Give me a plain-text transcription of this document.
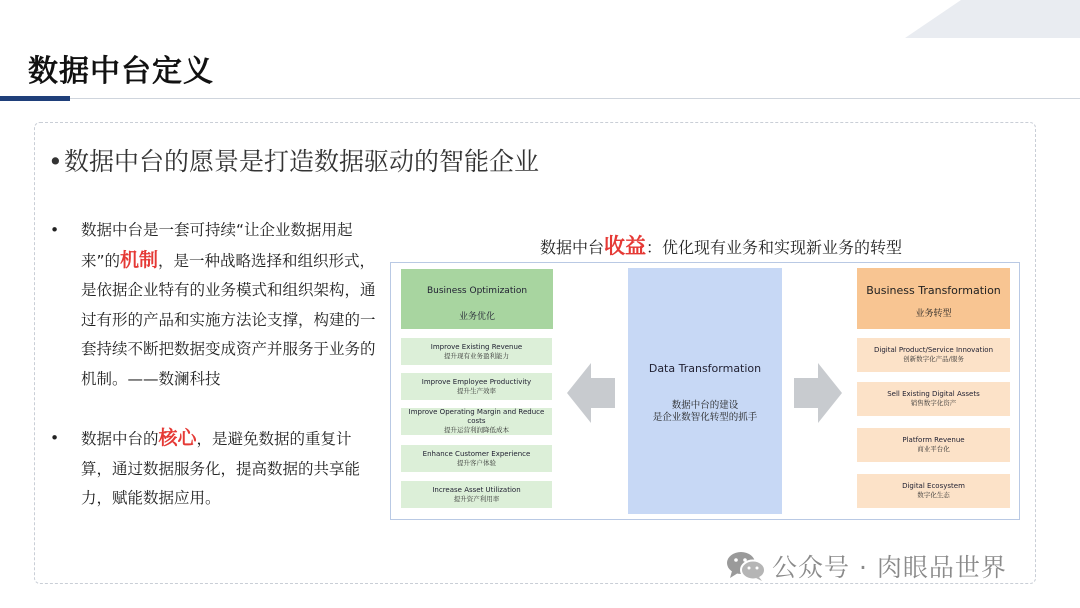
数据中台定义
•数据中台的愿景是打造数据驱动的智能企业
• 数据中台是一套可持续“让企业数据用起来”的机制，是一种战略选择和组织形式，是依据企业特有的业务模式和组织架构，通过有形的产品和实施方法论支撑，构建的一套持续不断把数据变成资产并服务于业务的机制。——数澜科技
• 数据中台的核心，是避免数据的重复计算，通过数据服务化，提高数据的共享能力，赋能数据应用。
数据中台收益：优化现有业务和实现新业务的转型
Business Optimization
业务优化
Improve Existing Revenue
提升现有业务盈利能力
Improve Employee Productivity
提升生产效率
Improve Operating Margin and Reduce costs
提升运营利润降低成本
Enhance Customer Experience
提升客户体验
Increase Asset Utilization
提升资产利用率
Data Transformation
数据中台的建设
是企业数智化转型的抓手
Business Transformation
业务转型
Digital Product/Service Innovation
创新数字化产品/服务
Sell Existing Digital Assets
销售数字化资产
Platform Revenue
商业平台化
Digital Ecosystem
数字化生态
公众号 · 肉眼品世界
